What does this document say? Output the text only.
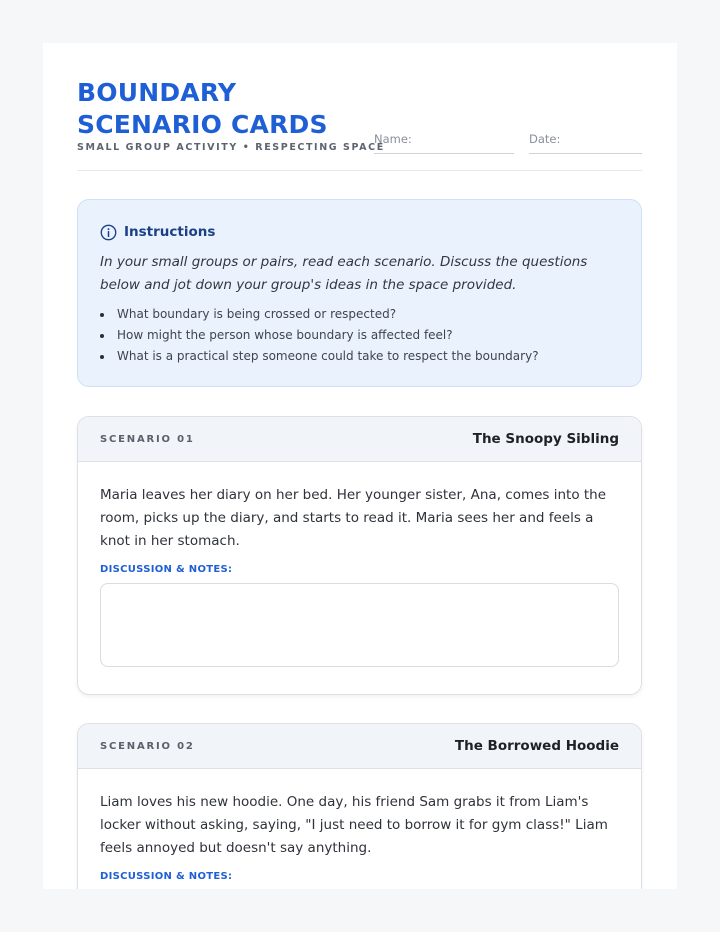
BOUNDARY
SCENARIO CARDS
SMALL GROUP ACTIVITY • RESPECTING SPACE
Name:	Date:
Instructions

In your small groups or pairs, read each scenario. Discuss the questions below and jot down your group's ideas in the space provided.

What boundary is being crossed or respected?
How might the person whose boundary is affected feel?
What is a practical step someone could take to respect the boundary?
SCENARIO 01	The Snoopy Sibling

Maria leaves her diary on her bed. Her younger sister, Ana, comes into the room, picks up the diary, and starts to read it. Maria sees her and feels a knot in her stomach.

DISCUSSION & NOTES:
SCENARIO 02	The Borrowed Hoodie

Liam loves his new hoodie. One day, his friend Sam grabs it from Liam's locker without asking, saying, "I just need to borrow it for gym class!" Liam feels annoyed but doesn't say anything.

DISCUSSION & NOTES:
